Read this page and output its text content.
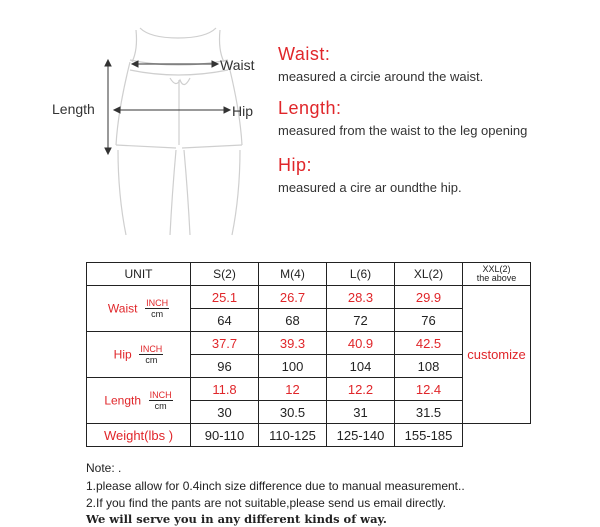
Waist
Hip
Length
Waist:
measured a circie around the waist.
Length:
measured from the waist to the leg opening
Hip:
measured a cire ar oundthe hip.
UNIT	S(2)	M(4)	L(6)	XL(2)	XXL(2)
the above

Waist $\frac{\text{INCH}}{cm}$	25.1	26.7	28.3	29.9	customize
	64	68	72	76	
Hip $\frac{\text{INCH}}{cm}$	37.7	39.3	40.9	42.5	
	96	100	104	108	
Length $\frac{\text{INCH}}{cm}$	11.8	12	12.2	12.4	
	30	30.5	31	31.5	
Weight(lbs )	90-110	110-125	125-140	155-185	
Note: .
1.please allow for 0.4inch size difference due to manual measurement..
2.If you find the pants are not suitable,please send us email directly.
We will serve you in any different kinds of way.
